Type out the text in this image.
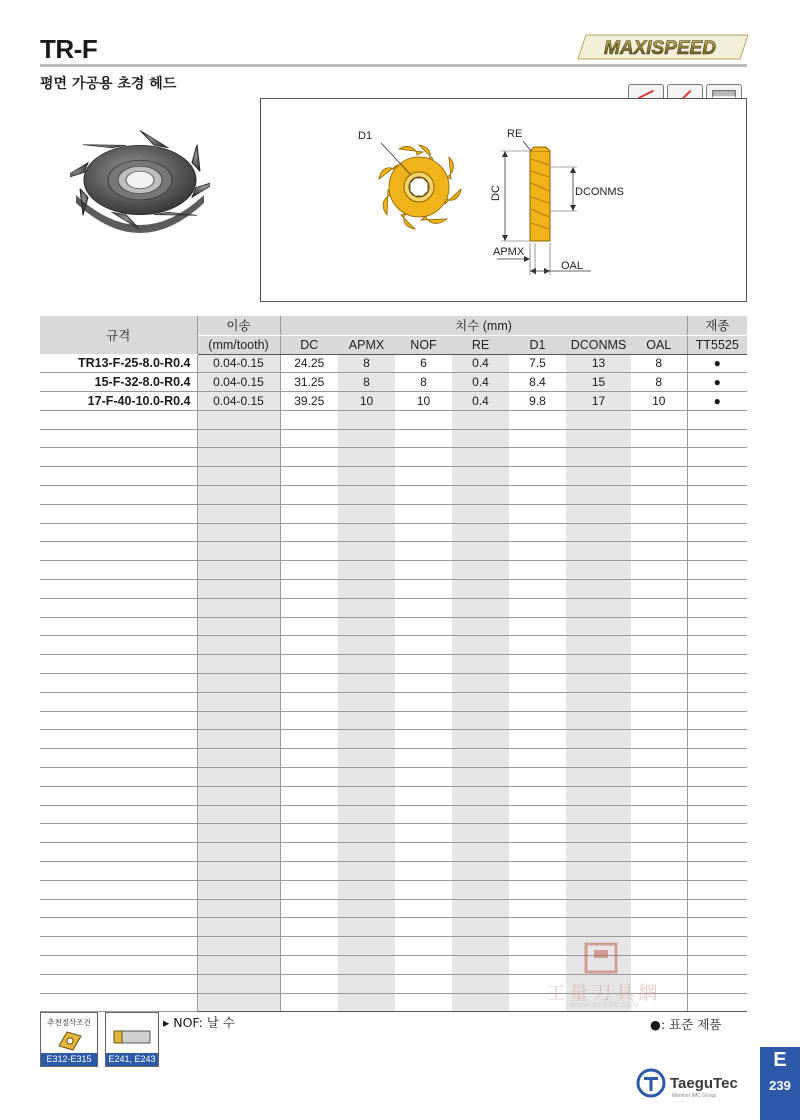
TR-F
평면 가공용 초경 헤드
MAXISPEED
D1	RE
DC	DCONMS
APMX
OAL
규격	이송	치수 (mm)							재종
	(mm/tooth)	DC	APMX	NOF	RE	D1	DCONMS	OAL	TT5525
TR13-F-25-8.0-R0.4	0.04-0.15	24.25	8	6	0.4	7.5	13	8	●
15-F-32-8.0-R0.4	0.04-0.15	31.25	8	8	0.4	8.4	15	8	●
17-F-40-10.0-R0.4	0.04-0.15	39.25	10	10	0.4	9.8	17	10	●

工量刀具網
WWW.GLRJW.COM
추천절삭조건
E312-E315	E241, E243
▸ NOF: 날 수	●: 표준 제품
TaeguTec
Member IMC Group
E
239
